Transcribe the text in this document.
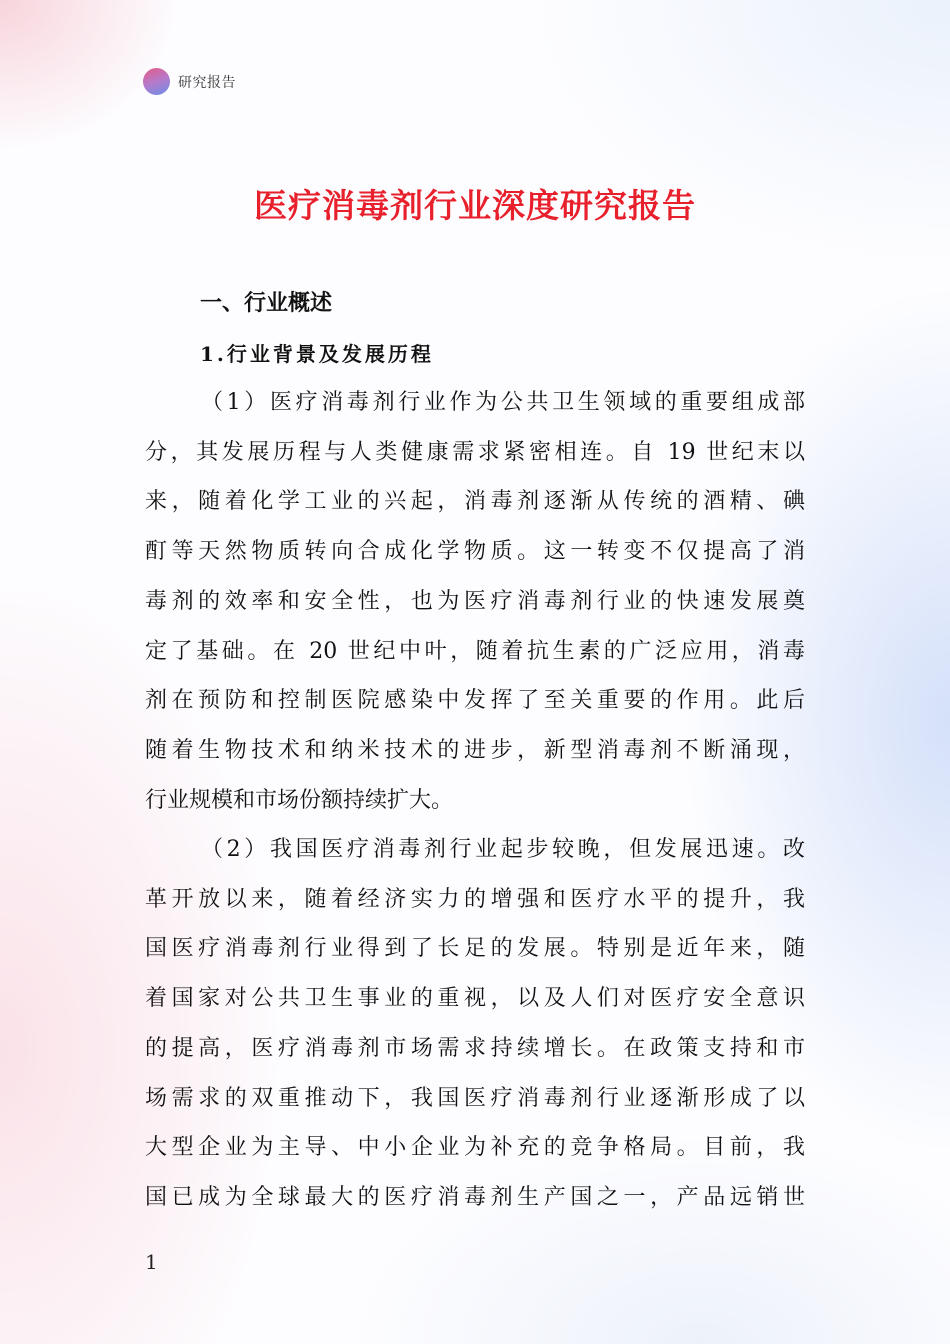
研究报告
医疗消毒剂行业深度研究报告
一、行业概述
1.行业背景及发展历程

（1）医疗消毒剂行业作为公共卫生领域的重要组成部
分，其发展历程与人类健康需求紧密相连。自 19 世纪末以
来，随着化学工业的兴起，消毒剂逐渐从传统的酒精、碘
酊等天然物质转向合成化学物质。这一转变不仅提高了消
毒剂的效率和安全性，也为医疗消毒剂行业的快速发展奠
定了基础。在 20 世纪中叶，随着抗生素的广泛应用，消毒
剂在预防和控制医院感染中发挥了至关重要的作用。此后
随着生物技术和纳米技术的进步，新型消毒剂不断涌现，
行业规模和市场份额持续扩大。

（2）我国医疗消毒剂行业起步较晚，但发展迅速。改
革开放以来，随着经济实力的增强和医疗水平的提升，我
国医疗消毒剂行业得到了长足的发展。特别是近年来，随
着国家对公共卫生事业的重视，以及人们对医疗安全意识
的提高，医疗消毒剂市场需求持续增长。在政策支持和市
场需求的双重推动下，我国医疗消毒剂行业逐渐形成了以
大型企业为主导、中小企业为补充的竞争格局。目前，我
国已成为全球最大的医疗消毒剂生产国之一，产品远销世

1
